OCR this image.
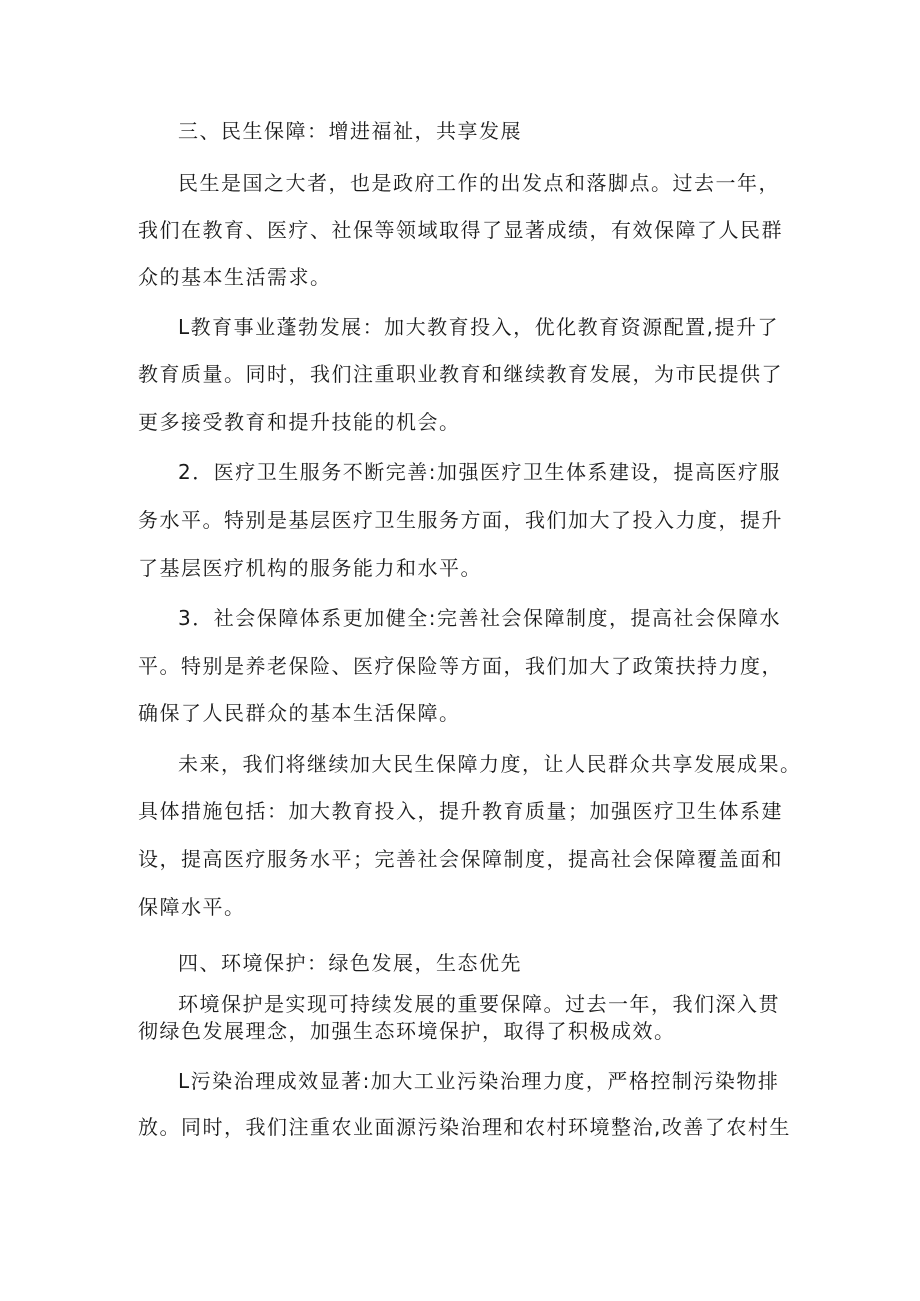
三、民生保障：增进福祉，共享发展
民生是国之大者，也是政府工作的出发点和落脚点。过去一年，
我们在教育、医疗、社保等领域取得了显著成绩，有效保障了人民群
众的基本生活需求。
L教育事业蓬勃发展：加大教育投入，优化教育资源配置,提升了
教育质量。同时，我们注重职业教育和继续教育发展，为市民提供了
更多接受教育和提升技能的机会。
2．医疗卫生服务不断完善:加强医疗卫生体系建设，提高医疗服
务水平。特别是基层医疗卫生服务方面，我们加大了投入力度，提升
了基层医疗机构的服务能力和水平。
3．社会保障体系更加健全:完善社会保障制度，提高社会保障水
平。特别是养老保险、医疗保险等方面，我们加大了政策扶持力度，
确保了人民群众的基本生活保障。
未来，我们将继续加大民生保障力度，让人民群众共享发展成果。
具体措施包括：加大教育投入，提升教育质量；加强医疗卫生体系建
设，提高医疗服务水平；完善社会保障制度，提高社会保障覆盖面和
保障水平。
四、环境保护：绿色发展，生态优先
环境保护是实现可持续发展的重要保障。过去一年，我们深入贯
彻绿色发展理念，加强生态环境保护，取得了积极成效。
L污染治理成效显著:加大工业污染治理力度，严格控制污染物排
放。同时，我们注重农业面源污染治理和农村环境整治,改善了农村生
